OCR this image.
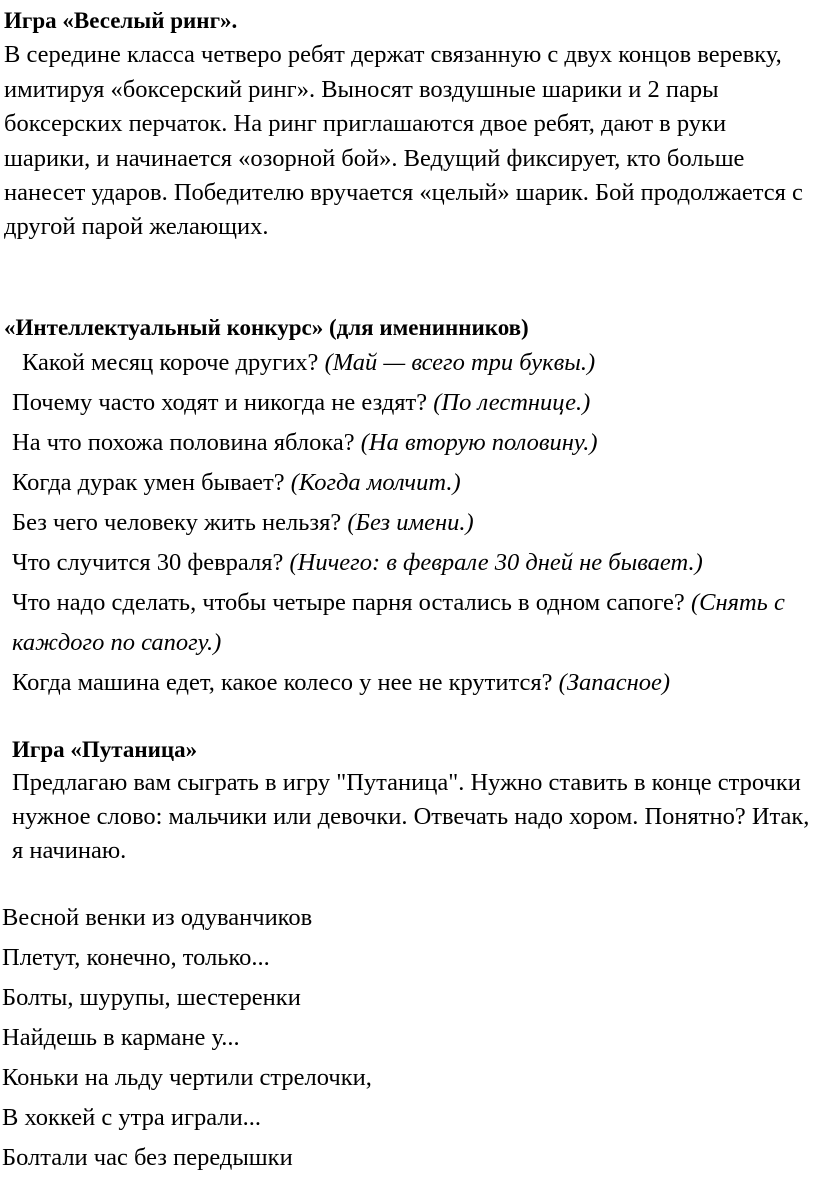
Игра «Веселый ринг».

В середине класса четверо ребят держат связанную с двух концов веревку, имитируя «боксерский ринг». Выносят воздушные шарики и 2 пары боксерских перчаток. На ринг приглашаются двое ребят, дают в руки шарики, и начинается «озорной бой». Ведущий фиксирует, кто больше нанесет ударов. Победителю вручается «целый» шарик. Бой продолжается с другой парой желающих.

«Интеллектуальный конкурс» (для именинников)
Какой месяц короче других? (Май — всего три буквы.)
Почему часто ходят и никогда не ездят? (По лестнице.)
На что похожа половина яблока? (На вторую половину.)
Когда дурак умен бывает? (Когда молчит.)
Без чего человеку жить нельзя? (Без имени.)
Что случится 30 февраля? (Ничего: в феврале 30 дней не бывает.)
Что надо сделать, чтобы четыре парня остались в одном сапоге? (Снять с каждого по сапогу.)
Когда машина едет, какое колесо у нее не крутится? (Запасное)
Игра «Путаница»
Предлагаю вам сыграть в игру "Путаница". Нужно ставить в конце строчки нужное слово: мальчики или девочки. Отвечать надо хором. Понятно? Итак, я начинаю.
Весной венки из одуванчиков
Плетут, конечно, только...
Болты, шурупы, шестеренки
Найдешь в кармане у...
Коньки на льду чертили стрелочки,
В хоккей с утра играли...
Болтали час без передышки
